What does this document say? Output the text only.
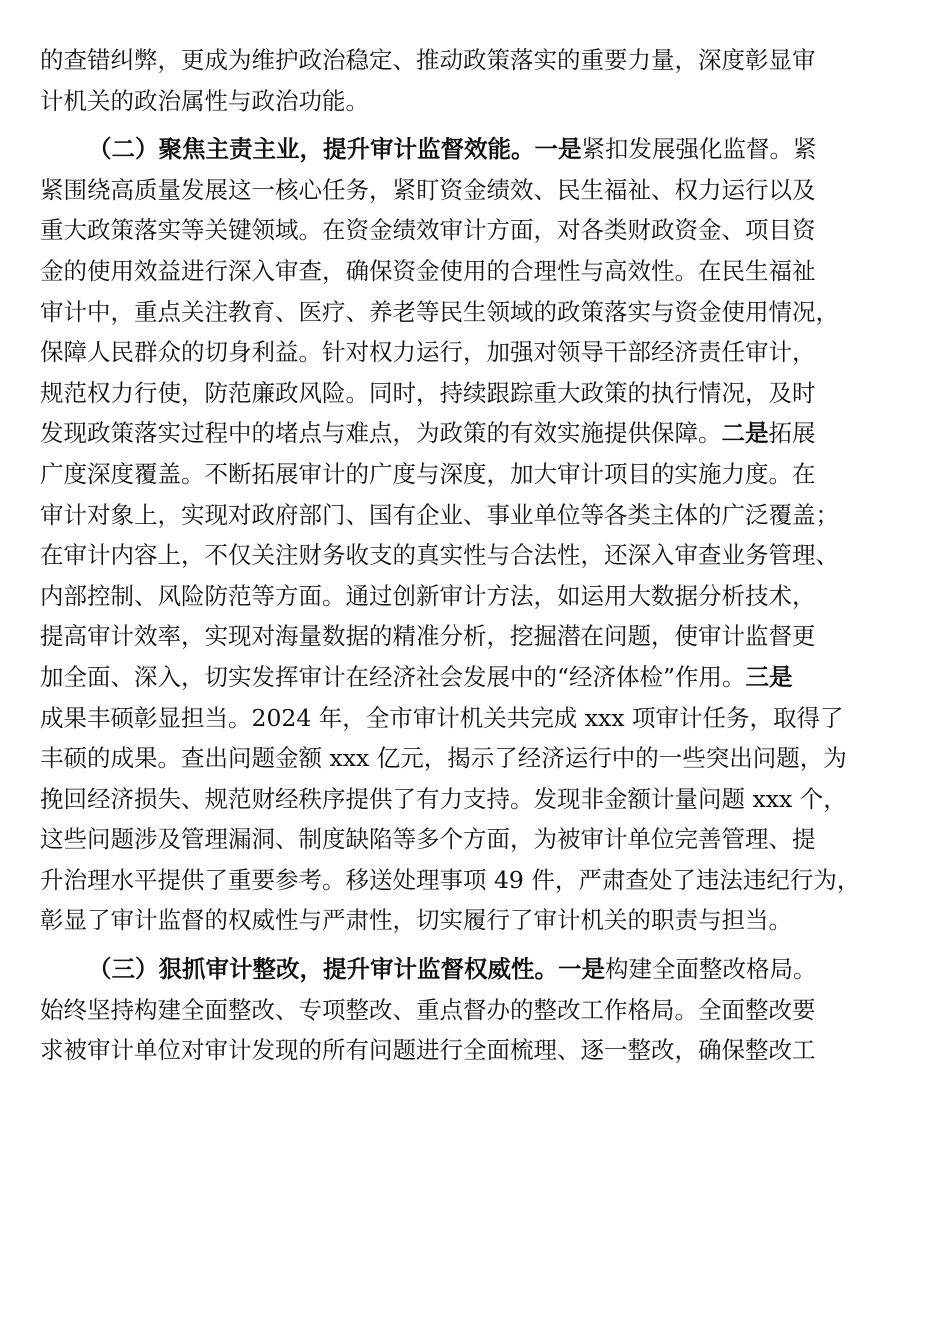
的查错纠弊，更成为维护政治稳定、推动政策落实的重要力量，深度彰显审
计机关的政治属性与政治功能。
（二）聚焦主责主业，提升审计监督效能。一是紧扣发展强化监督。紧
紧围绕高质量发展这一核心任务，紧盯资金绩效、民生福祉、权力运行以及
重大政策落实等关键领域。在资金绩效审计方面，对各类财政资金、项目资
金的使用效益进行深入审查，确保资金使用的合理性与高效性。在民生福祉
审计中，重点关注教育、医疗、养老等民生领域的政策落实与资金使用情况，
保障人民群众的切身利益。针对权力运行，加强对领导干部经济责任审计，
规范权力行使，防范廉政风险。同时，持续跟踪重大政策的执行情况，及时
发现政策落实过程中的堵点与难点，为政策的有效实施提供保障。二是拓展
广度深度覆盖。不断拓展审计的广度与深度，加大审计项目的实施力度。在
审计对象上，实现对政府部门、国有企业、事业单位等各类主体的广泛覆盖；
在审计内容上，不仅关注财务收支的真实性与合法性，还深入审查业务管理、
内部控制、风险防范等方面。通过创新审计方法，如运用大数据分析技术，
提高审计效率，实现对海量数据的精准分析，挖掘潜在问题，使审计监督更
加全面、深入，切实发挥审计在经济社会发展中的“经济体检”作用。三是
成果丰硕彰显担当。2024 年，全市审计机关共完成 xxx 项审计任务，取得了
丰硕的成果。查出问题金额 xxx 亿元，揭示了经济运行中的一些突出问题，为
挽回经济损失、规范财经秩序提供了有力支持。发现非金额计量问题 xxx 个，
这些问题涉及管理漏洞、制度缺陷等多个方面，为被审计单位完善管理、提
升治理水平提供了重要参考。移送处理事项 49 件，严肃查处了违法违纪行为，
彰显了审计监督的权威性与严肃性，切实履行了审计机关的职责与担当。
（三）狠抓审计整改，提升审计监督权威性。一是构建全面整改格局。
始终坚持构建全面整改、专项整改、重点督办的整改工作格局。全面整改要
求被审计单位对审计发现的所有问题进行全面梳理、逐一整改，确保整改工
